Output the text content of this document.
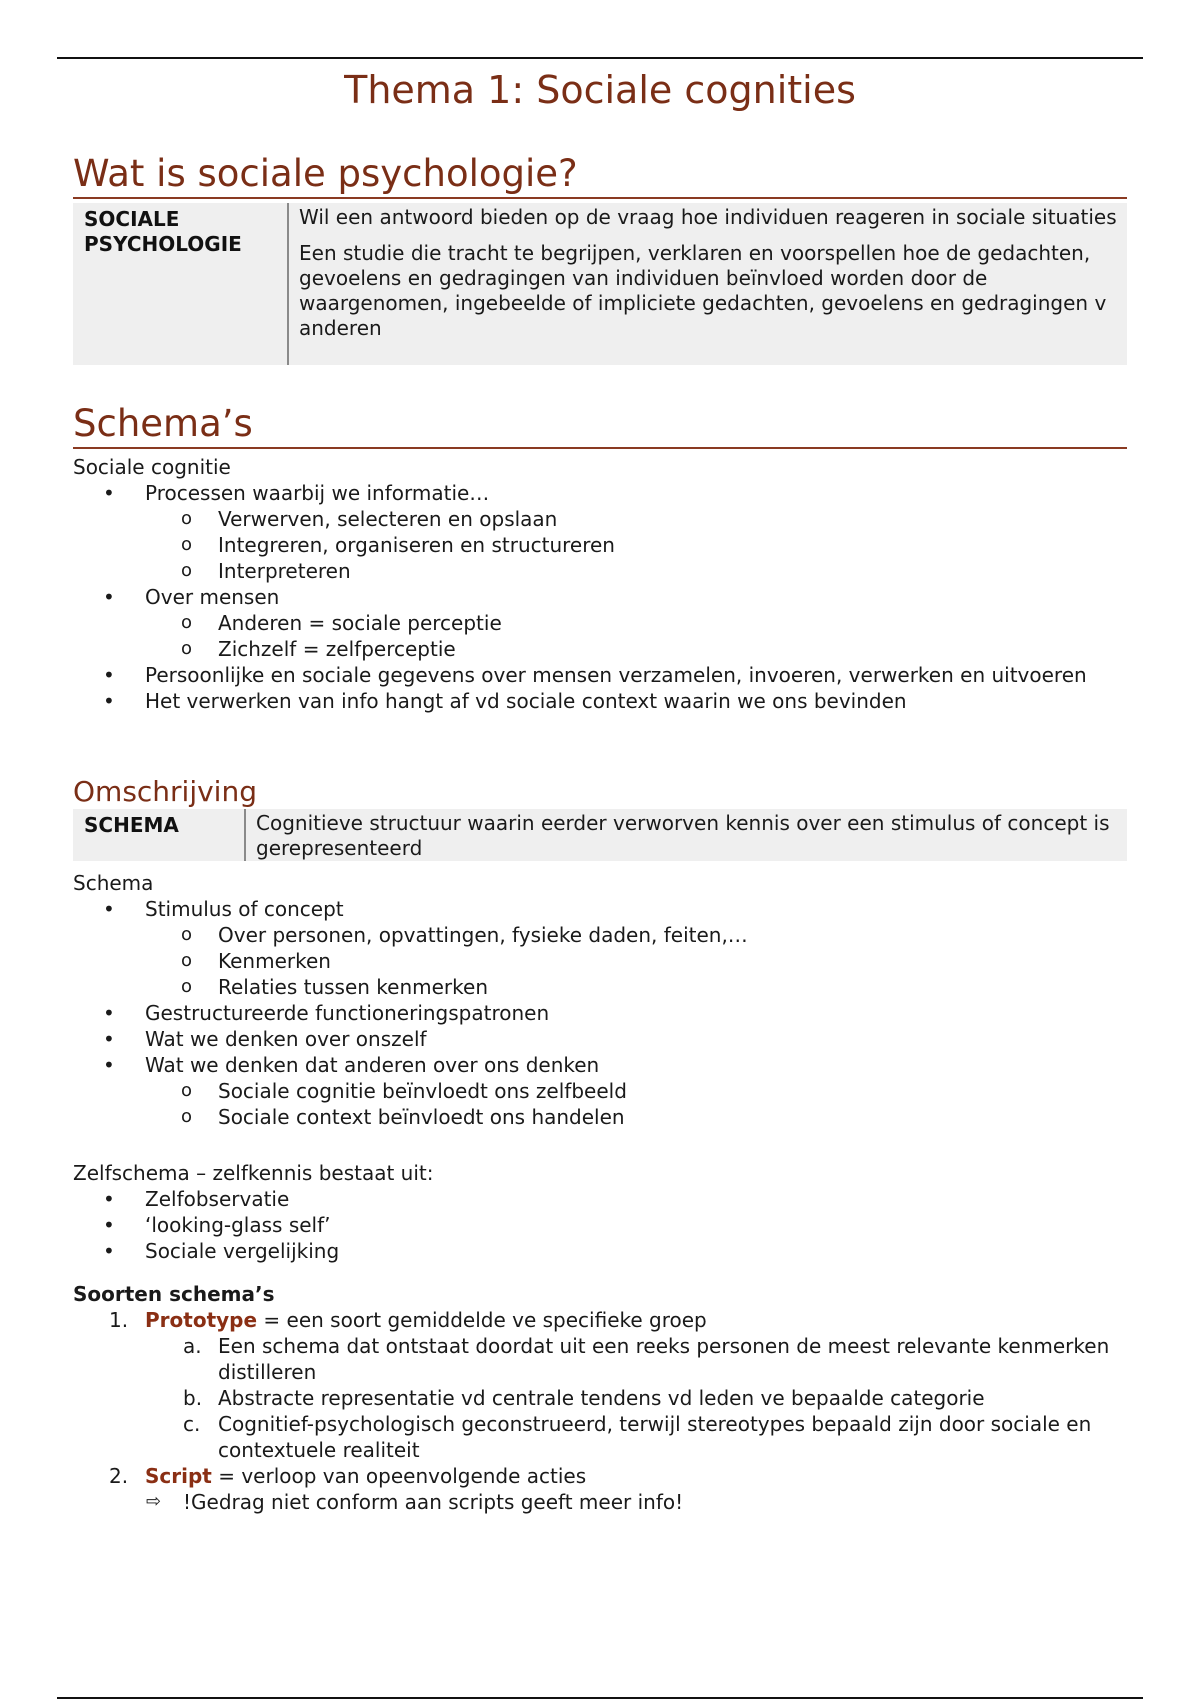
Thema 1: Sociale cognities
Wat is sociale psychologie?
SOCIALE
PSYCHOLOGIE

Wil een antwoord bieden op de vraag hoe individuen reageren in sociale situaties

Een studie die tracht te begrijpen, verklaren en voorspellen hoe de gedachten, gevoelens en gedragingen van individuen beïnvloed worden door de waargenomen, ingebeelde of impliciete gedachten, gevoelens en gedragingen v anderen

Schema’s

Sociale cognitie

• Processen waarbij we informatie…
o Verwerven, selecteren en opslaan
o Integreren, organiseren en structureren
o Interpreteren
• Over mensen
o Anderen = sociale perceptie
o Zichzelf = zelfperceptie
• Persoonlijke en sociale gegevens over mensen verzamelen, invoeren, verwerken en uitvoeren
• Het verwerken van info hangt af vd sociale context waarin we ons bevinden
Omschrijving
SCHEMA	Cognitieve structuur waarin eerder verworven kennis over een stimulus of concept is gerepresenteerd

Schema

• Stimulus of concept
o Over personen, opvattingen, fysieke daden, feiten,…
o Kenmerken
o Relaties tussen kenmerken
• Gestructureerde functioneringspatronen
• Wat we denken over onszelf
• Wat we denken dat anderen over ons denken
o Sociale cognitie beïnvloedt ons zelfbeeld
o Sociale context beïnvloedt ons handelen

Zelfschema – zelfkennis bestaat uit:

• Zelfobservatie
• ‘looking-glass self’
• Sociale vergelijking

Soorten schema’s

1. Prototype = een soort gemiddelde ve specifieke groep
a. Een schema dat ontstaat doordat uit een reeks personen de meest relevante kenmerken distilleren
b. Abstracte representatie vd centrale tendens vd leden ve bepaalde categorie
c. Cognitief-psychologisch geconstrueerd, terwijl stereotypes bepaald zijn door sociale en contextuele realiteit
2. Script = verloop van opeenvolgende acties
⇨ !Gedrag niet conform aan scripts geeft meer info!
